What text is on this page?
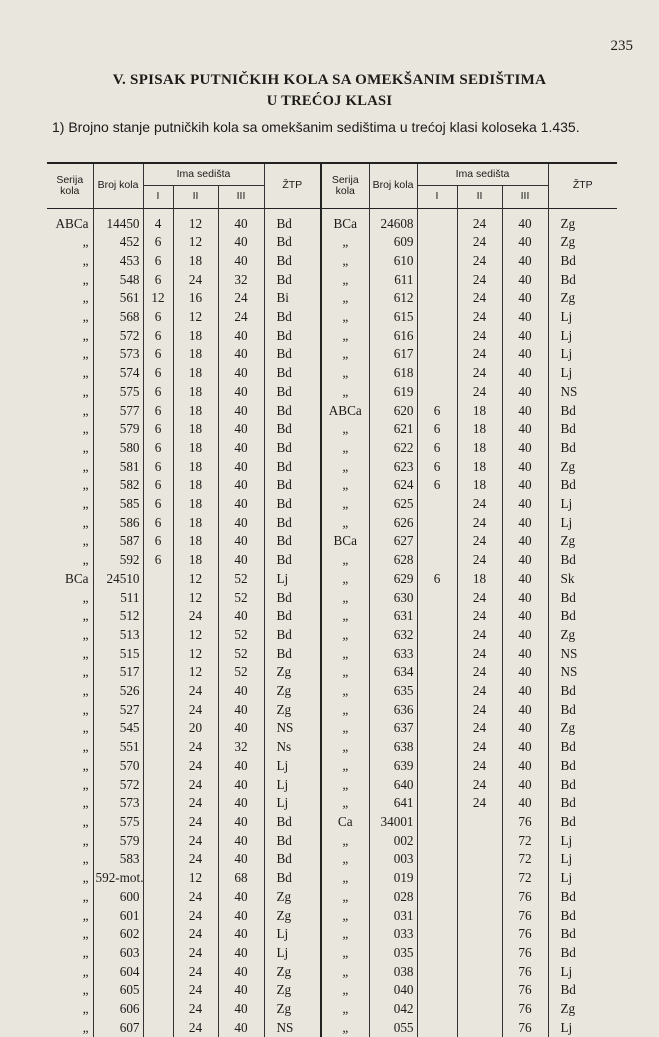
235
V. SPISAK PUTNIČKIH KOLA SA OMEKŠANIM SEDIŠTIMA
U TREĆOJ KLASI
1) Brojno stanje putničkih kola sa omekšanim sedištima u trećoj klasi koloseka 1.435.
Serija kola	Broj kola	Ima sedišta			ŽTP	Serija kola	Broj kola	Ima sedišta			ŽTP
		I	II	III				I	II	III	
ABCa	14450	4	12	40	Bd	BCa	24608		24	40	Zg
„	452	6	12	40	Bd	„	609		24	40	Zg
„	453	6	18	40	Bd	„	610		24	40	Bd
„	548	6	24	32	Bd	„	611		24	40	Bd
„	561	12	16	24	Bi	„	612		24	40	Zg
„	568	6	12	24	Bd	„	615		24	40	Lj
„	572	6	18	40	Bd	„	616		24	40	Lj
„	573	6	18	40	Bd	„	617		24	40	Lj
„	574	6	18	40	Bd	„	618		24	40	Lj
„	575	6	18	40	Bd	„	619		24	40	NS
„	577	6	18	40	Bd	ABCa	620	6	18	40	Bd
„	579	6	18	40	Bd	„	621	6	18	40	Bd
„	580	6	18	40	Bd	„	622	6	18	40	Bd
„	581	6	18	40	Bd	„	623	6	18	40	Zg
„	582	6	18	40	Bd	„	624	6	18	40	Bd
„	585	6	18	40	Bd	„	625		24	40	Lj
„	586	6	18	40	Bd	„	626		24	40	Lj
„	587	6	18	40	Bd	BCa	627		24	40	Zg
„	592	6	18	40	Bd	„	628		24	40	Bd
BCa	24510		12	52	Lj	„	629	6	18	40	Sk
„	511		12	52	Bd	„	630		24	40	Bd
„	512		24	40	Bd	„	631		24	40	Bd
„	513		12	52	Bd	„	632		24	40	Zg
„	515		12	52	Bd	„	633		24	40	NS
„	517		12	52	Zg	„	634		24	40	NS
„	526		24	40	Zg	„	635		24	40	Bd
„	527		24	40	Zg	„	636		24	40	Bd
„	545		20	40	NS	„	637		24	40	Zg
„	551		24	32	Ns	„	638		24	40	Bd
„	570		24	40	Lj	„	639		24	40	Bd
„	572		24	40	Lj	„	640		24	40	Bd
„	573		24	40	Lj	„	641		24	40	Bd
„	575		24	40	Bd	Ca	34001			76	Bd
„	579		24	40	Bd	„	002			72	Lj
„	583		24	40	Bd	„	003			72	Lj
„	592-mot.		12	68	Bd	„	019			72	Lj
„	600		24	40	Zg	„	028			76	Bd
„	601		24	40	Zg	„	031			76	Bd
„	602		24	40	Lj	„	033			76	Bd
„	603		24	40	Lj	„	035			76	Bd
„	604		24	40	Zg	„	038			76	Lj
„	605		24	40	Zg	„	040			76	Bd
„	606		24	40	Zg	„	042			76	Zg
„	607		24	40	NS	„	055			76	Lj
